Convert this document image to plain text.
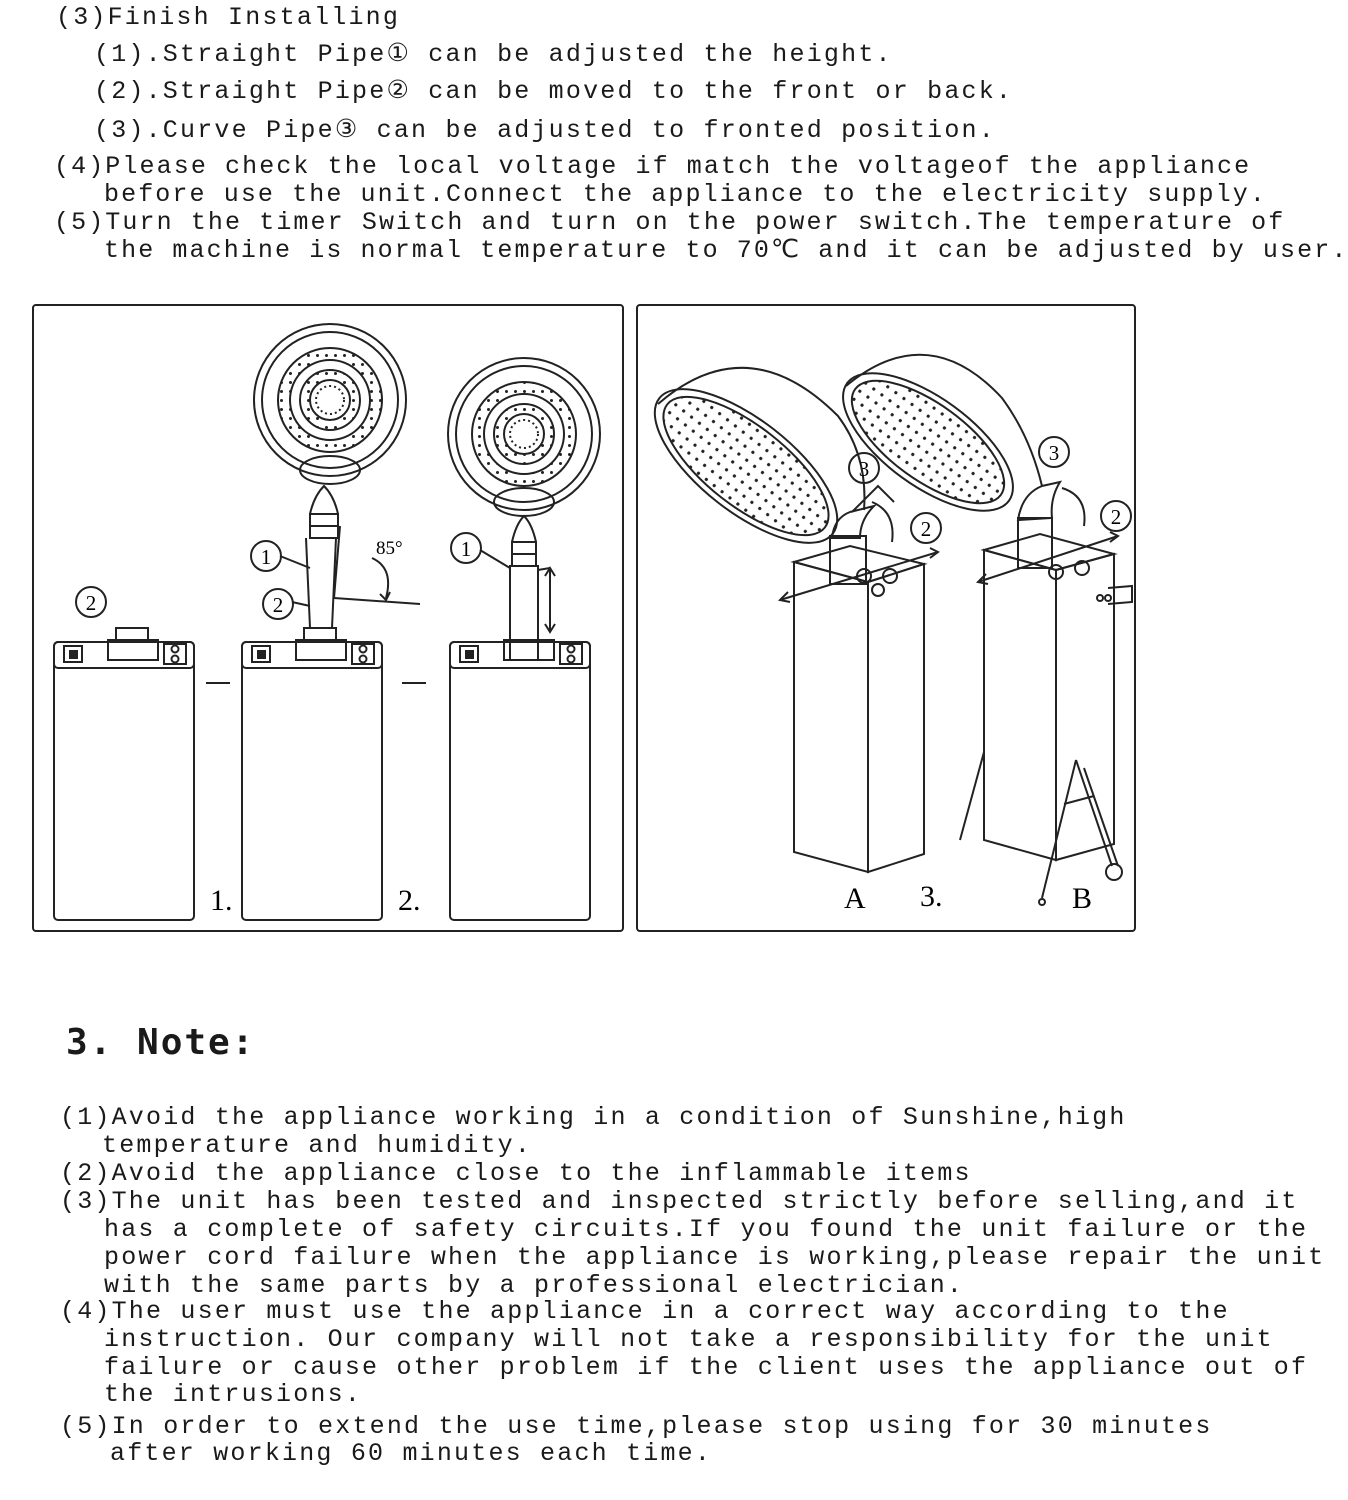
(3)Finish Installing
(1).Straight Pipe① can be adjusted the height.
(2).Straight Pipe② can be moved to the front or back.
(3).Curve Pipe③ can be adjusted to fronted position.
(4)Please check the local voltage if match the voltageof the appliance
before use the unit.Connect the appliance to the electricity supply.
(5)Turn the timer Switch and turn on the power switch.The temperature of
the machine is normal temperature to 70℃ and it can be adjusted by user.
2
1
2
1
85°
1.	2.
3
2
3
2
A 3.	B
3. Note:
(1)Avoid the appliance working in a condition of Sunshine,high
temperature and humidity.
(2)Avoid the appliance close to the inflammable items
(3)The unit has been tested and inspected strictly before selling,and it
has a complete of safety circuits.If you found the unit failure or the
power cord failure when the appliance is working,please repair the unit
with the same parts by a professional electrician.
(4)The user must use the appliance in a correct way according to the
instruction. Our company will not take a responsibility for the unit
failure or cause other problem if the client uses the appliance out of
the intrusions.
(5)In order to extend the use time,please stop using for 30 minutes
after working 60 minutes each time.
